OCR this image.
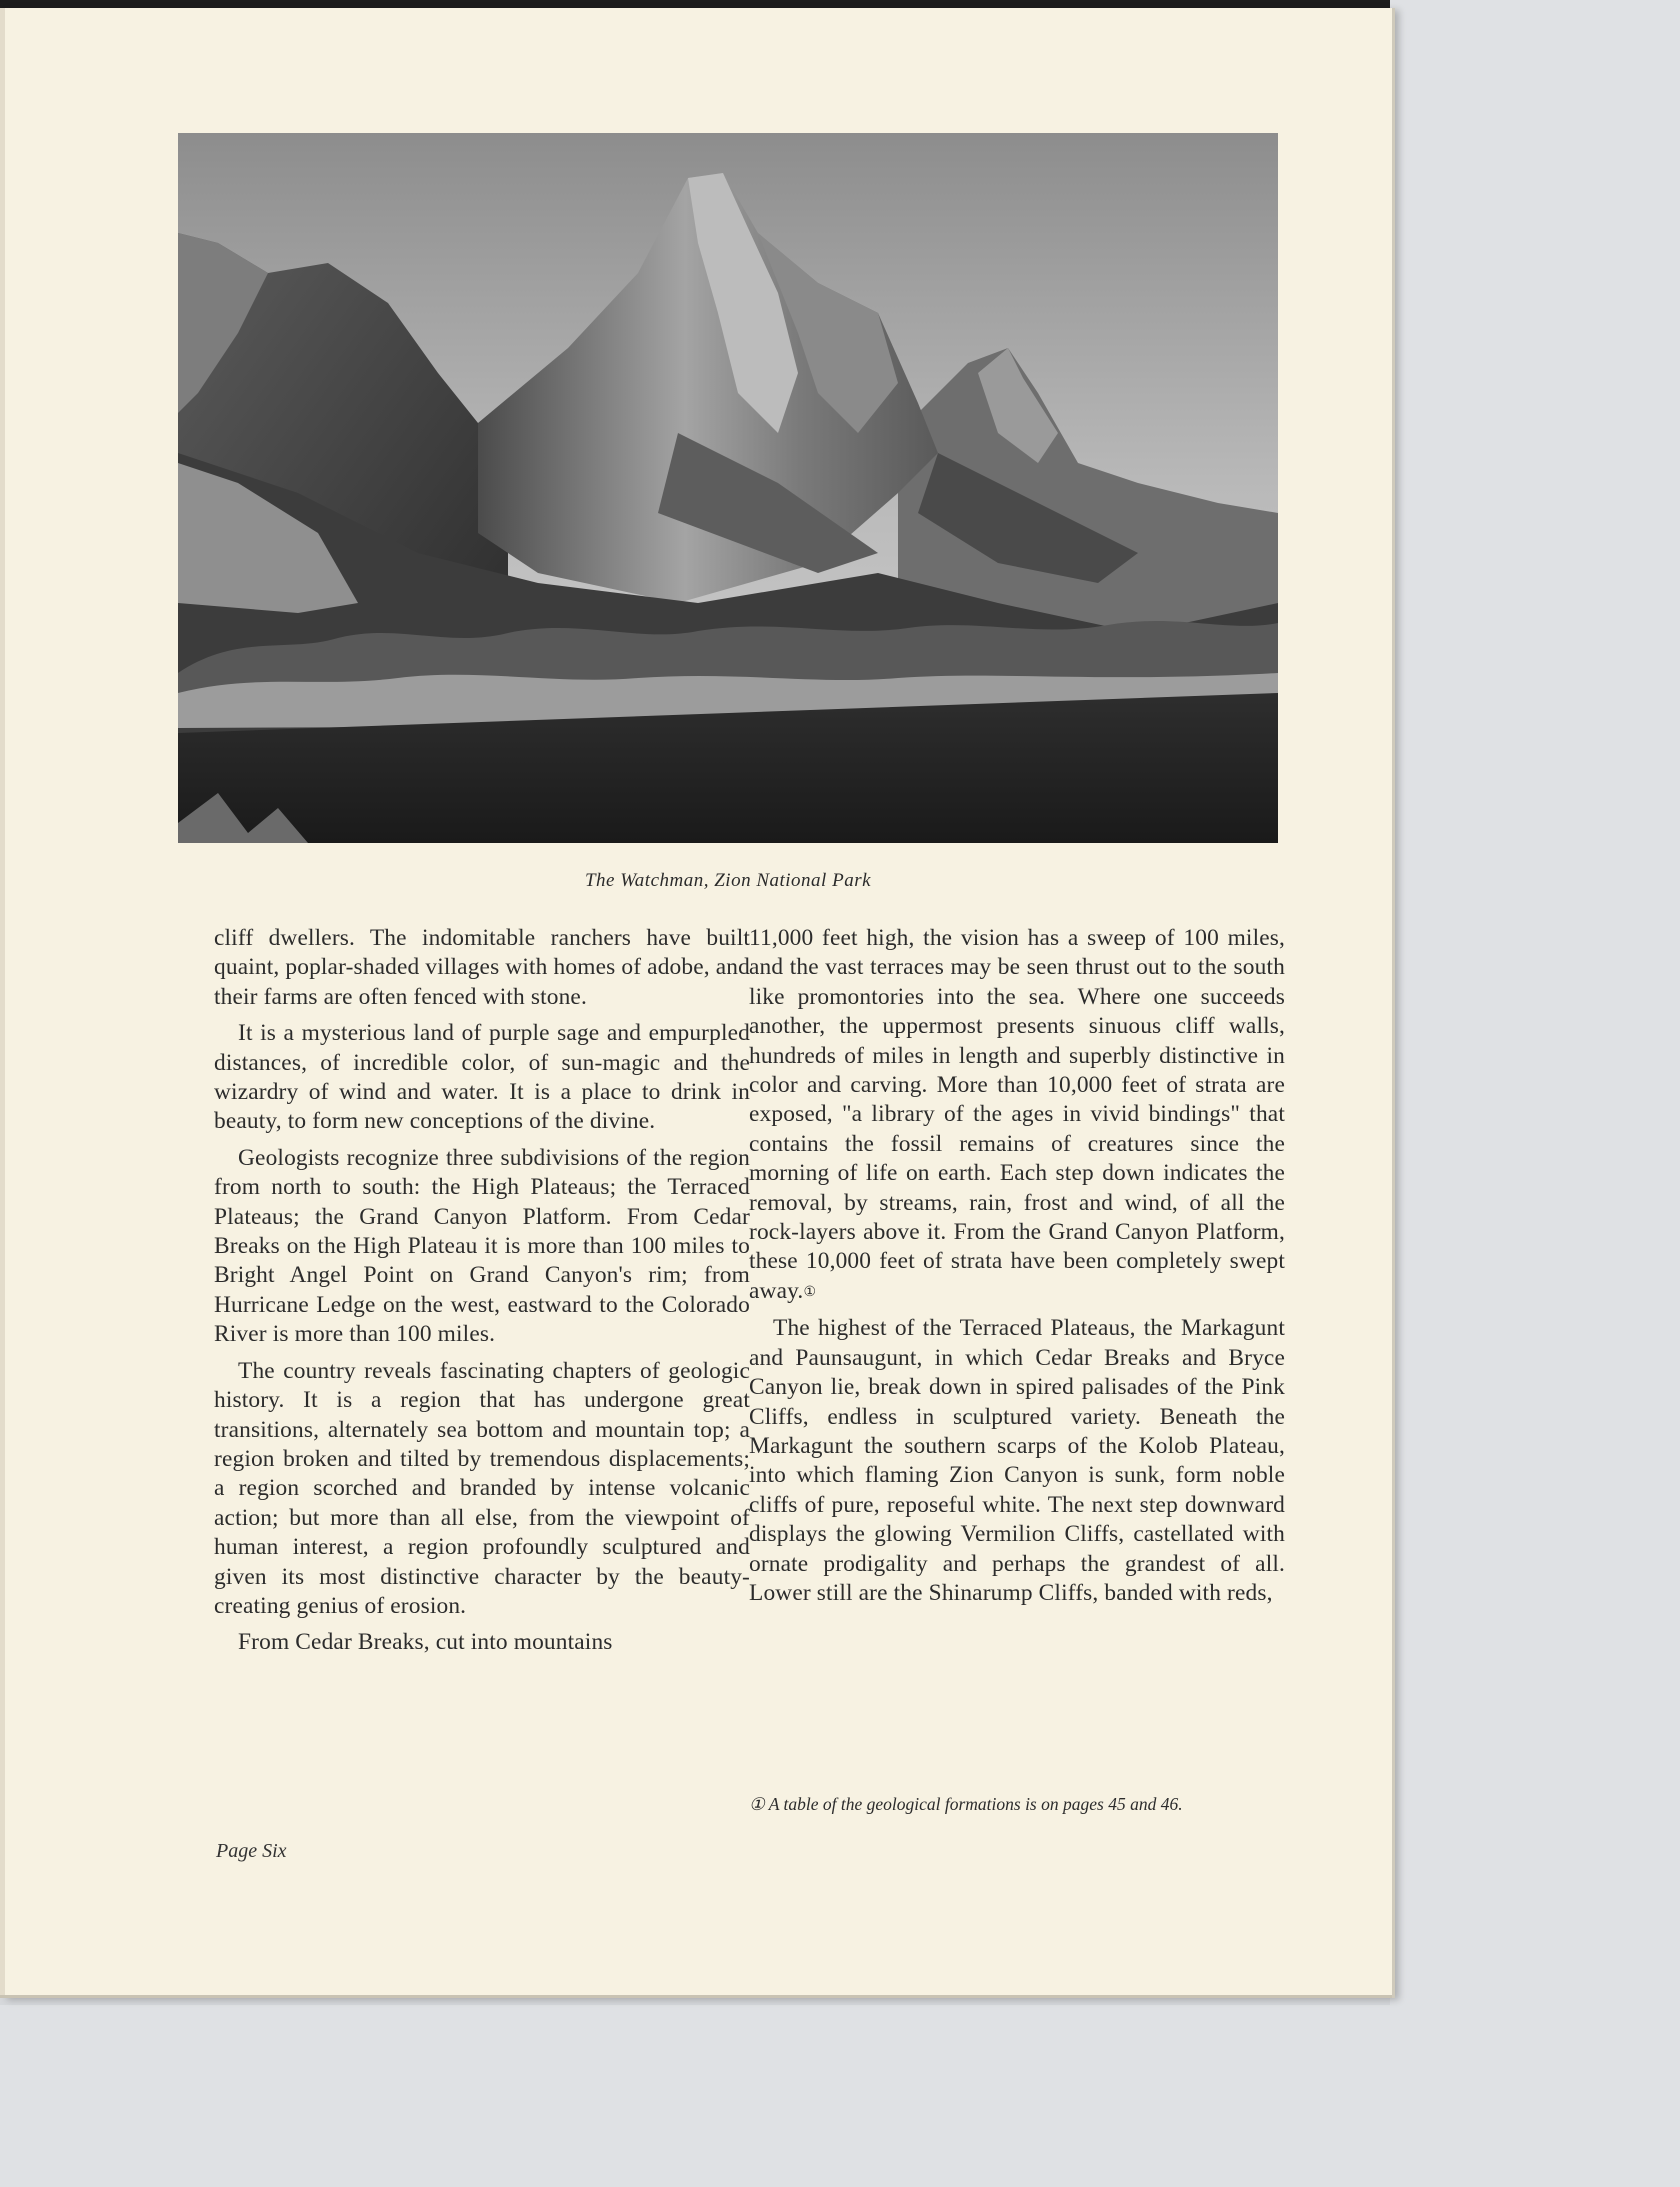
The Watchman, Zion National Park

cliff dwellers. The indomitable ranchers have built quaint, poplar-shaded villages with homes of adobe, and their farms are often fenced with stone.

It is a mysterious land of purple sage and empurpled distances, of incredible color, of sun-magic and the wizardry of wind and water. It is a place to drink in beauty, to form new conceptions of the divine.

Geologists recognize three subdivisions of the region from north to south: the High Plateaus; the Terraced Plateaus; the Grand Canyon Platform. From Cedar Breaks on the High Plateau it is more than 100 miles to Bright Angel Point on Grand Canyon's rim; from Hurricane Ledge on the west, eastward to the Colorado River is more than 100 miles.

The country reveals fascinating chapters of geologic history. It is a region that has undergone great transitions, alternately sea bottom and mountain top; a region broken and tilted by tremendous displacements; a region scorched and branded by intense volcanic action; but more than all else, from the viewpoint of human interest, a region profoundly sculptured and given its most distinctive character by the beauty-creating genius of erosion.

From Cedar Breaks, cut into mountains

11,000 feet high, the vision has a sweep of 100 miles, and the vast terraces may be seen thrust out to the south like promontories into the sea. Where one succeeds another, the uppermost presents sinuous cliff walls, hundreds of miles in length and superbly distinctive in color and carving. More than 10,000 feet of strata are exposed, "a library of the ages in vivid bindings" that contains the fossil remains of creatures since the morning of life on earth. Each step down indicates the removal, by streams, rain, frost and wind, of all the rock-layers above it. From the Grand Canyon Platform, these 10,000 feet of strata have been completely swept away.①

The highest of the Terraced Plateaus, the Markagunt and Paunsaugunt, in which Cedar Breaks and Bryce Canyon lie, break down in spired palisades of the Pink Cliffs, endless in sculptured variety. Beneath the Markagunt the southern scarps of the Kolob Plateau, into which flaming Zion Canyon is sunk, form noble cliffs of pure, reposeful white. The next step downward displays the glowing Vermilion Cliffs, castellated with ornate prodigality and perhaps the grandest of all. Lower still are the Shinarump Cliffs, banded with reds,

① A table of the geological formations is on pages 45 and 46.
Page Six
